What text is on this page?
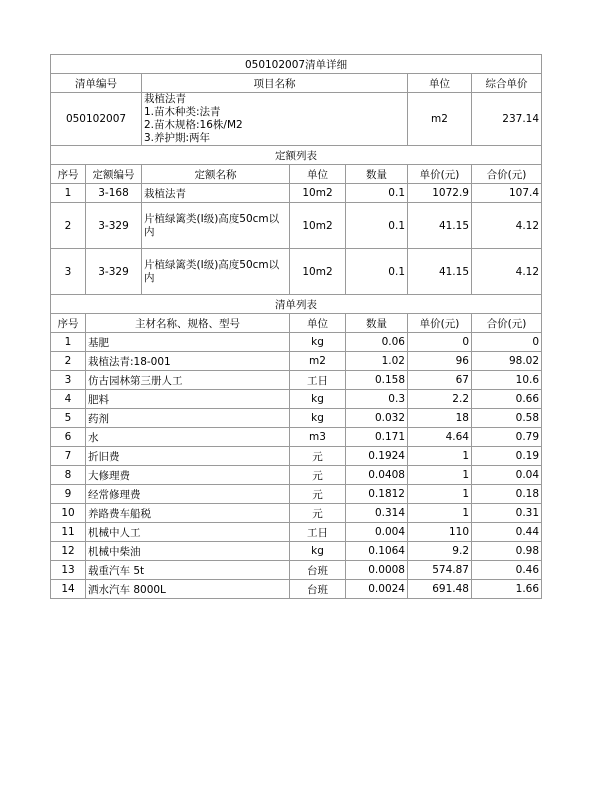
050102007清单详细						
清单编号		项目名称			单位	综合单价
050102007		栽植法青
1.苗木种类:法青
2.苗木规格:16株/M2
3.养护期:两年			m2	237.14
定额列表						
序号	定额编号	定额名称	单位	数量	单价(元)	合价(元)
1	3-168	栽植法青	10m2	0.1	1072.9	107.4
2	3-329	片植绿篱类(Ⅰ级)高度50cm以内	10m2	0.1	41.15	4.12
3	3-329	片植绿篱类(Ⅰ级)高度50cm以内	10m2	0.1	41.15	4.12
清单列表						
序号	主材名称、规格、型号		单位	数量	单价(元)	合价(元)
1	基肥		kg	0.06	0	0
2	栽植法青:18-001		m2	1.02	96	98.02
3	仿古园林第三册人工		工日	0.158	67	10.6
4	肥料		kg	0.3	2.2	0.66
5	药剂		kg	0.032	18	0.58
6	水		m3	0.171	4.64	0.79
7	折旧费		元	0.1924	1	0.19
8	大修理费		元	0.0408	1	0.04
9	经常修理费		元	0.1812	1	0.18
10	养路费车船税		元	0.314	1	0.31
11	机械中人工		工日	0.004	110	0.44
12	机械中柴油		kg	0.1064	9.2	0.98
13	载重汽车 5t		台班	0.0008	574.87	0.46
14	洒水汽车 8000L		台班	0.0024	691.48	1.66
